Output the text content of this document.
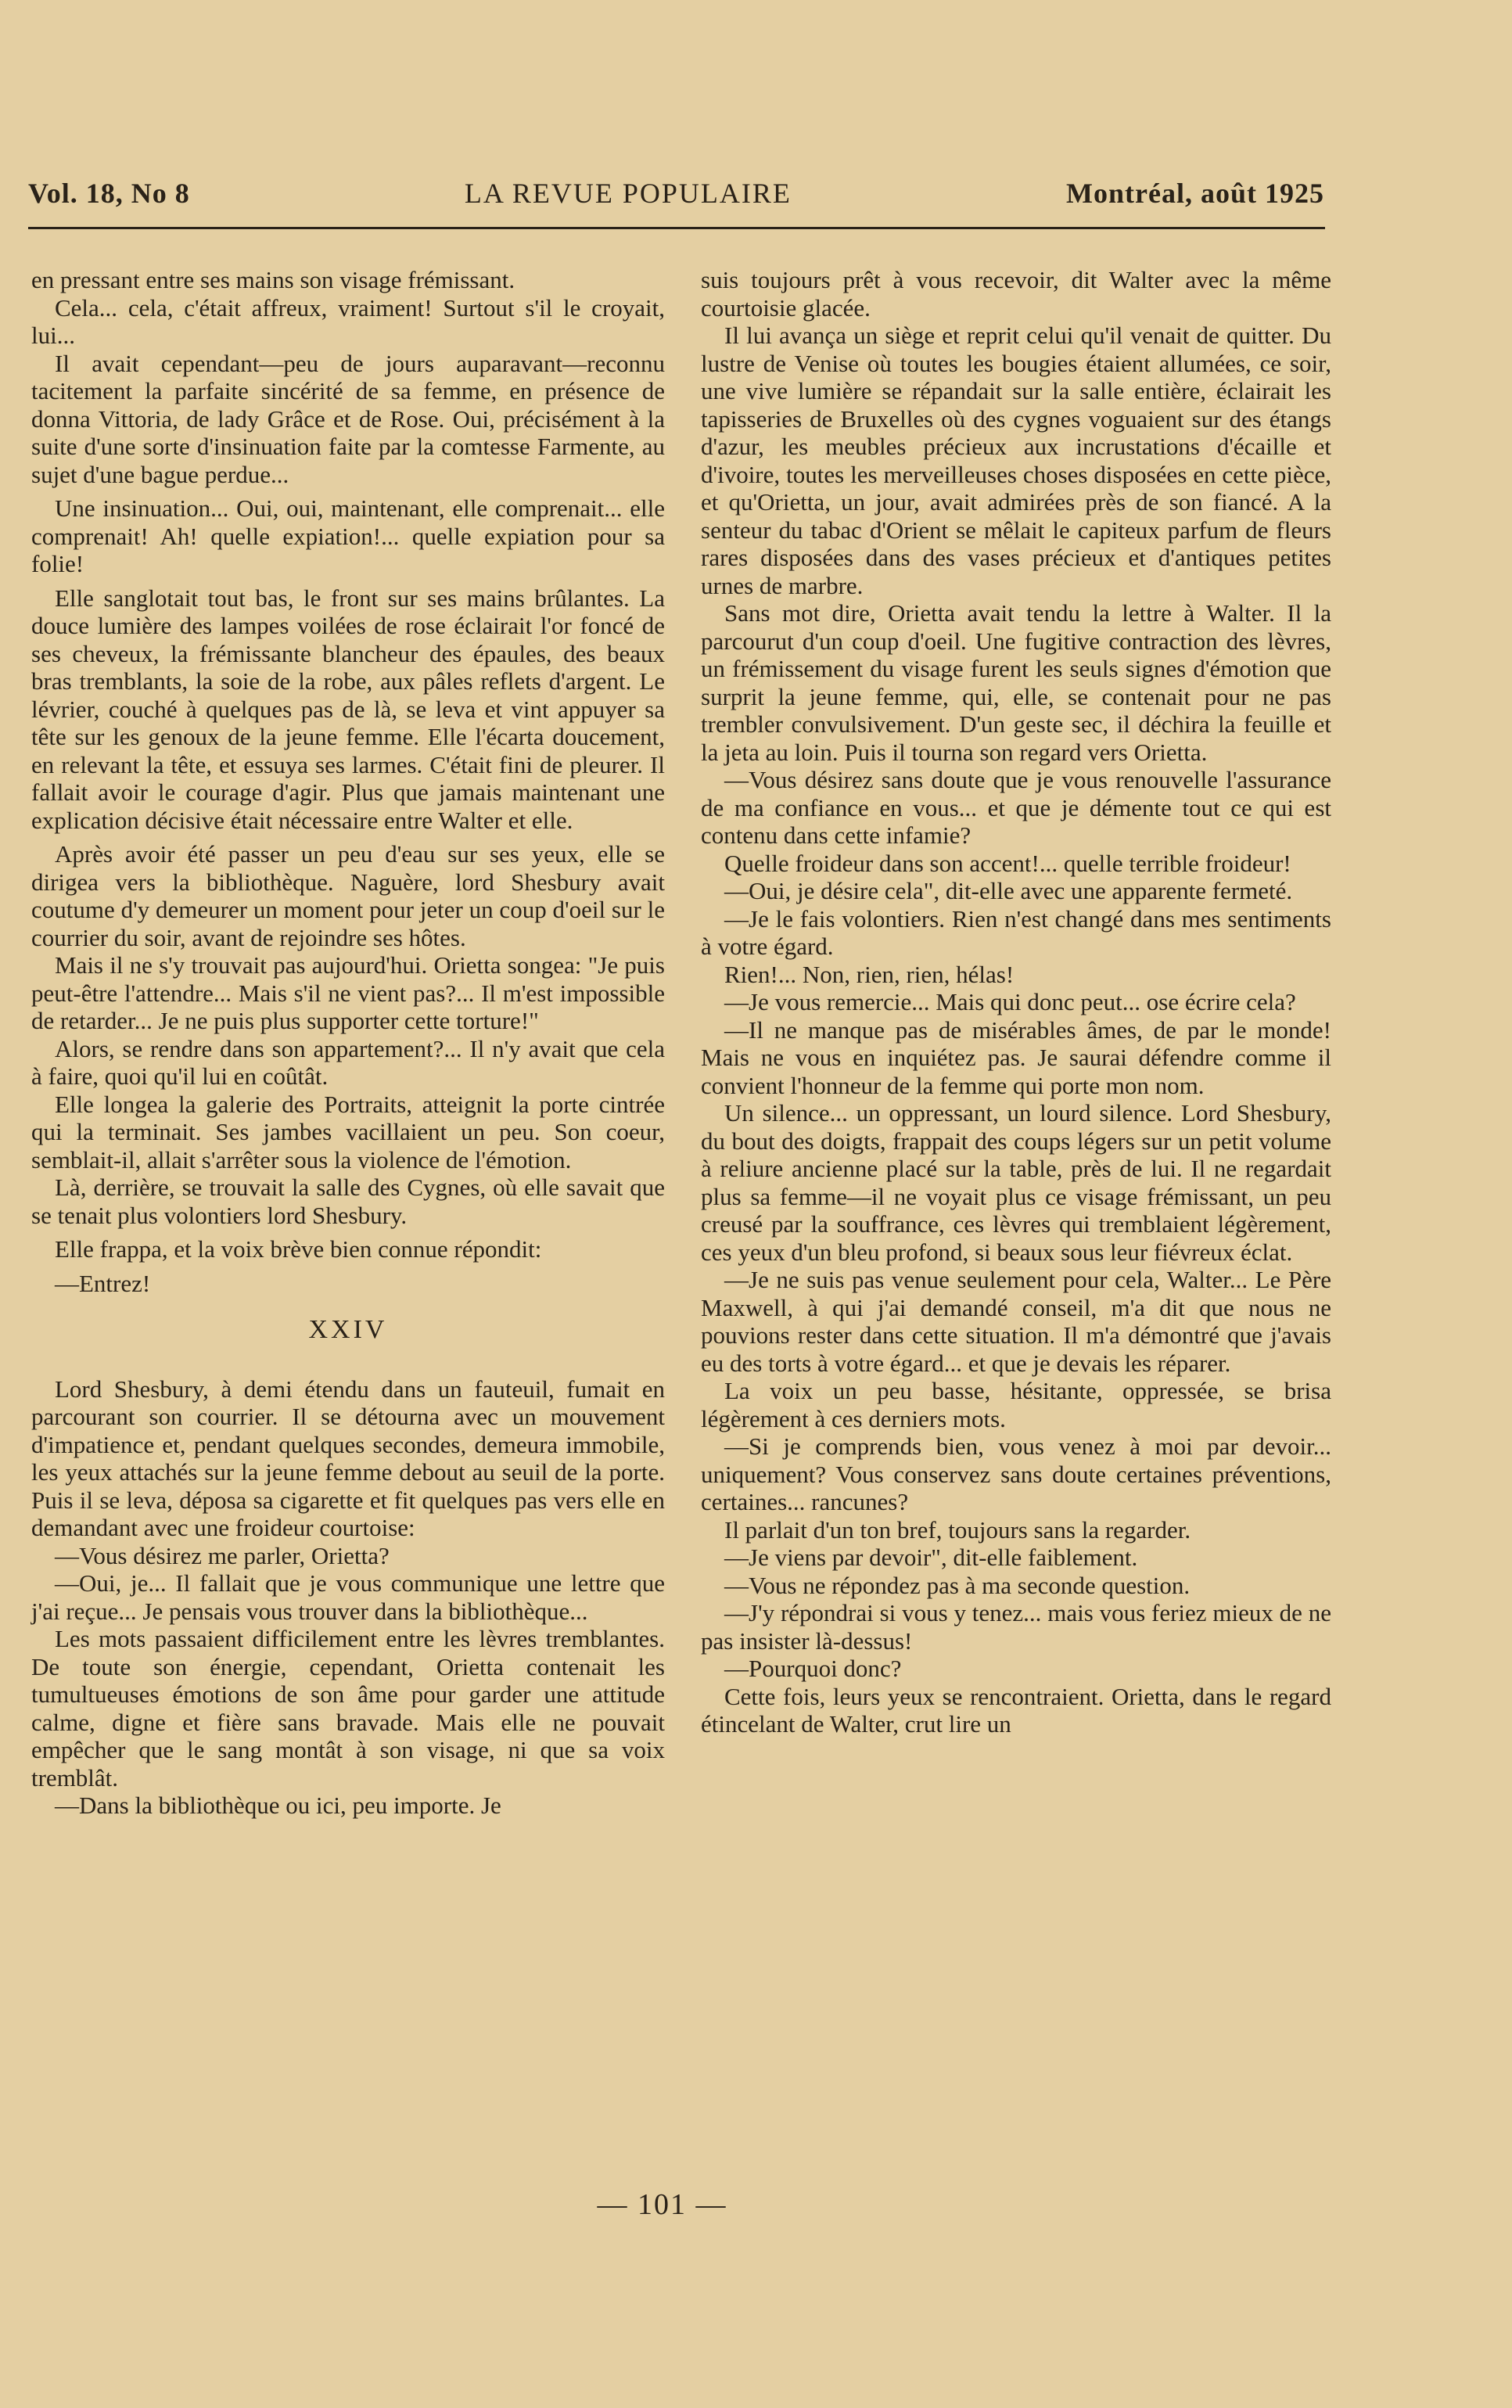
Vol. 18, No 8	LA REVUE POPULAIRE	Montréal, août 1925

en pressant entre ses mains son visage frémissant.

Cela... cela, c'était affreux, vraiment! Surtout s'il le croyait, lui...

Il avait cependant—peu de jours auparavant—reconnu tacitement la parfaite sincérité de sa femme, en présence de donna Vittoria, de lady Grâce et de Rose. Oui, précisément à la suite d'une sorte d'insinuation faite par la comtesse Farmente, au sujet d'une bague perdue...

Une insinuation... Oui, oui, maintenant, elle comprenait... elle comprenait! Ah! quelle expiation!... quelle expiation pour sa folie!

Elle sanglotait tout bas, le front sur ses mains brûlantes. La douce lumière des lampes voilées de rose éclairait l'or foncé de ses cheveux, la frémissante blancheur des épaules, des beaux bras tremblants, la soie de la robe, aux pâles reflets d'argent. Le lévrier, couché à quelques pas de là, se leva et vint appuyer sa tête sur les genoux de la jeune femme. Elle l'écarta doucement, en relevant la tête, et essuya ses larmes. C'était fini de pleurer. Il fallait avoir le courage d'agir. Plus que jamais maintenant une explication décisive était nécessaire entre Walter et elle.

Après avoir été passer un peu d'eau sur ses yeux, elle se dirigea vers la bibliothèque. Naguère, lord Shesbury avait coutume d'y demeurer un moment pour jeter un coup d'oeil sur le courrier du soir, avant de rejoindre ses hôtes.

Mais il ne s'y trouvait pas aujourd'hui. Orietta songea: "Je puis peut-être l'attendre... Mais s'il ne vient pas?... Il m'est impossible de retarder... Je ne puis plus supporter cette torture!"

Alors, se rendre dans son appartement?... Il n'y avait que cela à faire, quoi qu'il lui en coûtât.

Elle longea la galerie des Portraits, atteignit la porte cintrée qui la terminait. Ses jambes vacillaient un peu. Son coeur, semblait-il, allait s'arrêter sous la violence de l'émotion.

Là, derrière, se trouvait la salle des Cygnes, où elle savait que se tenait plus volontiers lord Shesbury.

Elle frappa, et la voix brève bien connue répondit:

—Entrez!

XXIV

Lord Shesbury, à demi étendu dans un fauteuil, fumait en parcourant son courrier. Il se détourna avec un mouvement d'impatience et, pendant quelques secondes, demeura immobile, les yeux attachés sur la jeune femme debout au seuil de la porte. Puis il se leva, déposa sa cigarette et fit quelques pas vers elle en demandant avec une froideur courtoise:

—Vous désirez me parler, Orietta?

—Oui, je... Il fallait que je vous communique une lettre que j'ai reçue... Je pensais vous trouver dans la bibliothèque...

Les mots passaient difficilement entre les lèvres tremblantes. De toute son énergie, cependant, Orietta contenait les tumultueuses émotions de son âme pour garder une attitude calme, digne et fière sans bravade. Mais elle ne pouvait empêcher que le sang montât à son visage, ni que sa voix tremblât.

—Dans la bibliothèque ou ici, peu importe. Je

suis toujours prêt à vous recevoir, dit Walter avec la même courtoisie glacée.

Il lui avança un siège et reprit celui qu'il venait de quitter. Du lustre de Venise où toutes les bougies étaient allumées, ce soir, une vive lumière se répandait sur la salle entière, éclairait les tapisseries de Bruxelles où des cygnes voguaient sur des étangs d'azur, les meubles précieux aux incrustations d'écaille et d'ivoire, toutes les merveilleuses choses disposées en cette pièce, et qu'Orietta, un jour, avait admirées près de son fiancé. A la senteur du tabac d'Orient se mêlait le capiteux parfum de fleurs rares disposées dans des vases précieux et d'antiques petites urnes de marbre.

Sans mot dire, Orietta avait tendu la lettre à Walter. Il la parcourut d'un coup d'oeil. Une fugitive contraction des lèvres, un frémissement du visage furent les seuls signes d'émotion que surprit la jeune femme, qui, elle, se contenait pour ne pas trembler convulsivement. D'un geste sec, il déchira la feuille et la jeta au loin. Puis il tourna son regard vers Orietta.

—Vous désirez sans doute que je vous renouvelle l'assurance de ma confiance en vous... et que je démente tout ce qui est contenu dans cette infamie?

Quelle froideur dans son accent!... quelle terrible froideur!

—Oui, je désire cela", dit-elle avec une apparente fermeté.

—Je le fais volontiers. Rien n'est changé dans mes sentiments à votre égard.

Rien!... Non, rien, rien, hélas!

—Je vous remercie... Mais qui donc peut... ose écrire cela?

—Il ne manque pas de misérables âmes, de par le monde! Mais ne vous en inquiétez pas. Je saurai défendre comme il convient l'honneur de la femme qui porte mon nom.

Un silence... un oppressant, un lourd silence. Lord Shesbury, du bout des doigts, frappait des coups légers sur un petit volume à reliure ancienne placé sur la table, près de lui. Il ne regardait plus sa femme—il ne voyait plus ce visage frémissant, un peu creusé par la souffrance, ces lèvres qui tremblaient légèrement, ces yeux d'un bleu profond, si beaux sous leur fiévreux éclat.

—Je ne suis pas venue seulement pour cela, Walter... Le Père Maxwell, à qui j'ai demandé conseil, m'a dit que nous ne pouvions rester dans cette situation. Il m'a démontré que j'avais eu des torts à votre égard... et que je devais les réparer.

La voix un peu basse, hésitante, oppressée, se brisa légèrement à ces derniers mots.

—Si je comprends bien, vous venez à moi par devoir... uniquement? Vous conservez sans doute certaines préventions, certaines... rancunes?

Il parlait d'un ton bref, toujours sans la regarder.

—Je viens par devoir", dit-elle faiblement.

—Vous ne répondez pas à ma seconde question.

—J'y répondrai si vous y tenez... mais vous feriez mieux de ne pas insister là-dessus!

—Pourquoi donc?

Cette fois, leurs yeux se rencontraient. Orietta, dans le regard étincelant de Walter, crut lire un

— 101 —
